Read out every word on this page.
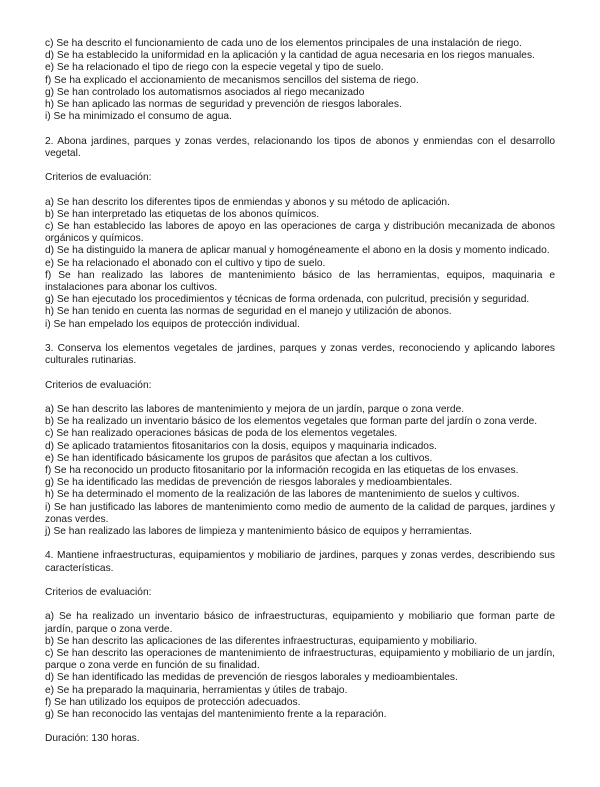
c) Se ha descrito el funcionamiento de cada uno de los elementos principales de una instalación de riego.

d) Se ha establecido la uniformidad en la aplicación y la cantidad de agua necesaria en los riegos manuales.

e) Se ha relacionado el tipo de riego con la especie vegetal y tipo de suelo.

f) Se ha explicado el accionamiento de mecanismos sencillos del sistema de riego.

g) Se han controlado los automatismos asociados al riego mecanizado

h) Se han aplicado las normas de seguridad y prevención de riesgos laborales.

i) Se ha minimizado el consumo de agua.

2. Abona jardines, parques y zonas verdes, relacionando los tipos de abonos y enmiendas con el desarrollo vegetal.

Criterios de evaluación:

a) Se han descrito los diferentes tipos de enmiendas y abonos y su método de aplicación.

b) Se han interpretado las etiquetas de los abonos químicos.

c) Se han establecido las labores de apoyo en las operaciones de carga y distribución mecanizada de abonos orgánicos y químicos.

d) Se ha distinguido la manera de aplicar manual y homogéneamente el abono en la dosis y momento indicado.

e) Se ha relacionado el abonado con el cultivo y tipo de suelo.

f) Se han realizado las labores de mantenimiento básico de las herramientas, equipos, maquinaria e instalaciones para abonar los cultivos.

g) Se han ejecutado los procedimientos y técnicas de forma ordenada, con pulcritud, precisión y seguridad.

h) Se han tenido en cuenta las normas de seguridad en el manejo y utilización de abonos.

i) Se han empelado los equipos de protección individual.

3. Conserva los elementos vegetales de jardines, parques y zonas verdes, reconociendo y aplicando labores culturales rutinarias.

Criterios de evaluación:

a) Se han descrito las labores de mantenimiento y mejora de un jardín, parque o zona verde.

b) Se ha realizado un inventario básico de los elementos vegetales que forman parte del jardín o zona verde.

c) Se han realizado operaciones básicas de poda de los elementos vegetales.

d) Se aplicado tratamientos fitosanitarios con la dosis, equipos y maquinaria indicados.

e) Se han identificado básicamente los grupos de parásitos que afectan a los cultivos.

f) Se ha reconocido un producto fitosanitario por la información recogida en las etiquetas de los envases.

g) Se ha identificado las medidas de prevención de riesgos laborales y medioambientales.

h) Se ha determinado el momento de la realización de las labores de mantenimiento de suelos y cultivos.

i) Se han justificado las labores de mantenimiento como medio de aumento de la calidad de parques, jardines y zonas verdes.

j) Se han realizado las labores de limpieza y mantenimiento básico de equipos y herramientas.

4. Mantiene infraestructuras, equipamientos y mobiliario de jardines, parques y zonas verdes, describiendo sus características.

Criterios de evaluación:

a) Se ha realizado un inventario básico de infraestructuras, equipamiento y mobiliario que forman parte de jardín, parque o zona verde.

b) Se han descrito las aplicaciones de las diferentes infraestructuras, equipamiento y mobiliario.

c) Se han descrito las operaciones de mantenimiento de infraestructuras, equipamiento y mobiliario de un jardín, parque o zona verde en función de su finalidad.

d) Se han identificado las medidas de prevención de riesgos laborales y medioambientales.

e) Se ha preparado la maquinaria, herramientas y útiles de trabajo.

f) Se han utilizado los equipos de protección adecuados.

g) Se han reconocido las ventajas del mantenimiento frente a la reparación.

Duración: 130 horas.
